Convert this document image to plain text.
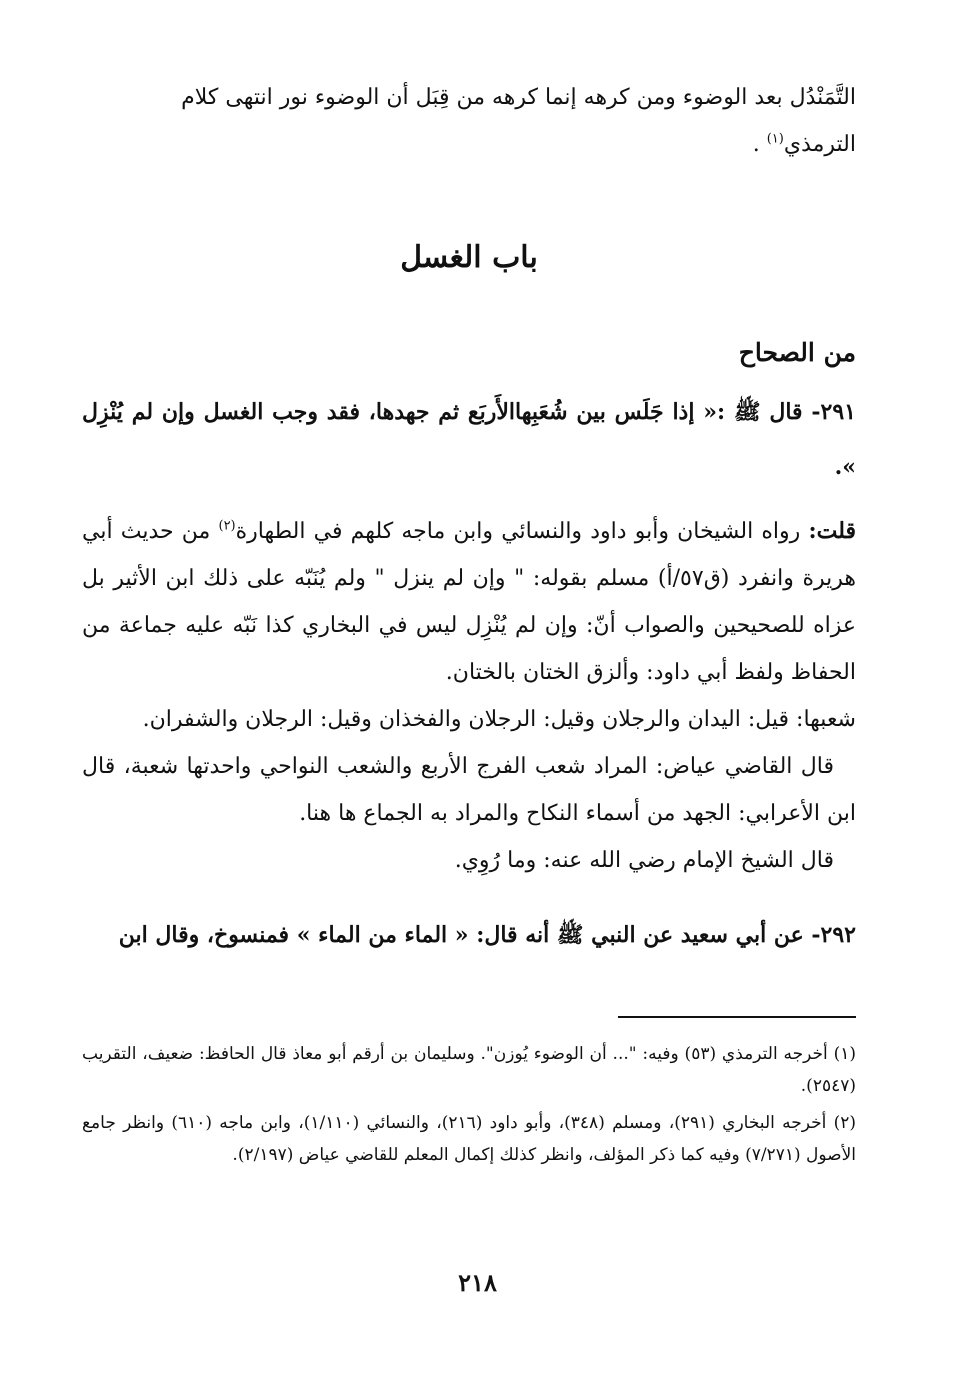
التَّمَنْدُل بعد الوضوء ومن كرهه إنما كرهه من قِبَل أن الوضوء نور انتهى كلام

الترمذي$^{(١)}$ .

باب الغسل
من الصحاح

٢٩١- قال ﷺ :« إذا جَلَس بين شُعَبِهاالأَربَع ثم جهدها، فقد وجب الغسل وإن لم يُنْزِل ».

قلت: رواه الشيخان وأبو داود والنسائي وابن ماجه كلهم في الطهارة$^{(٢)}$ من حديث أبي هريرة وانفرد (ق٥٧/أ) مسلم بقوله: " وإن لم ينزل " ولم يُنَبّه على ذلك ابن الأثير بل عزاه للصحيحين والصواب أنّ: وإن لم يُنْزِل ليس في البخاري كذا نَبّه عليه جماعة من الحفاظ ولفظ أبي داود: وألزق الختان بالختان.

شعبها: قيل: اليدان والرجلان وقيل: الرجلان والفخذان وقيل: الرجلان والشفران.

قال القاضي عياض: المراد شعب الفرج الأربع والشعب النواحي واحدتها شعبة، قال ابن الأعرابي: الجهد من أسماء النكاح والمراد به الجماع ها هنا.

قال الشيخ الإمام رضي الله عنه: وما رُوِي.

٢٩٢- عن أبي سعيد عن النبي ﷺ أنه قال: « الماء من الماء » فمنسوخ، وقال ابن

(١) أخرجه الترمذي (٥٣) وفيه: "... أن الوضوء يُوزن". وسليمان بن أرقم أبو معاذ قال الحافظ: ضعيف، التقريب (٢٥٤٧).

(٢) أخرجه البخاري (٢٩١)، ومسلم (٣٤٨)، وأبو داود (٢١٦)، والنسائي (١/١١٠)، وابن ماجه (٦١٠) وانظر جامع الأصول (٧/٢٧١) وفيه كما ذكر المؤلف، وانظر كذلك إكمال المعلم للقاضي عياض (٢/١٩٧).

٢١٨
